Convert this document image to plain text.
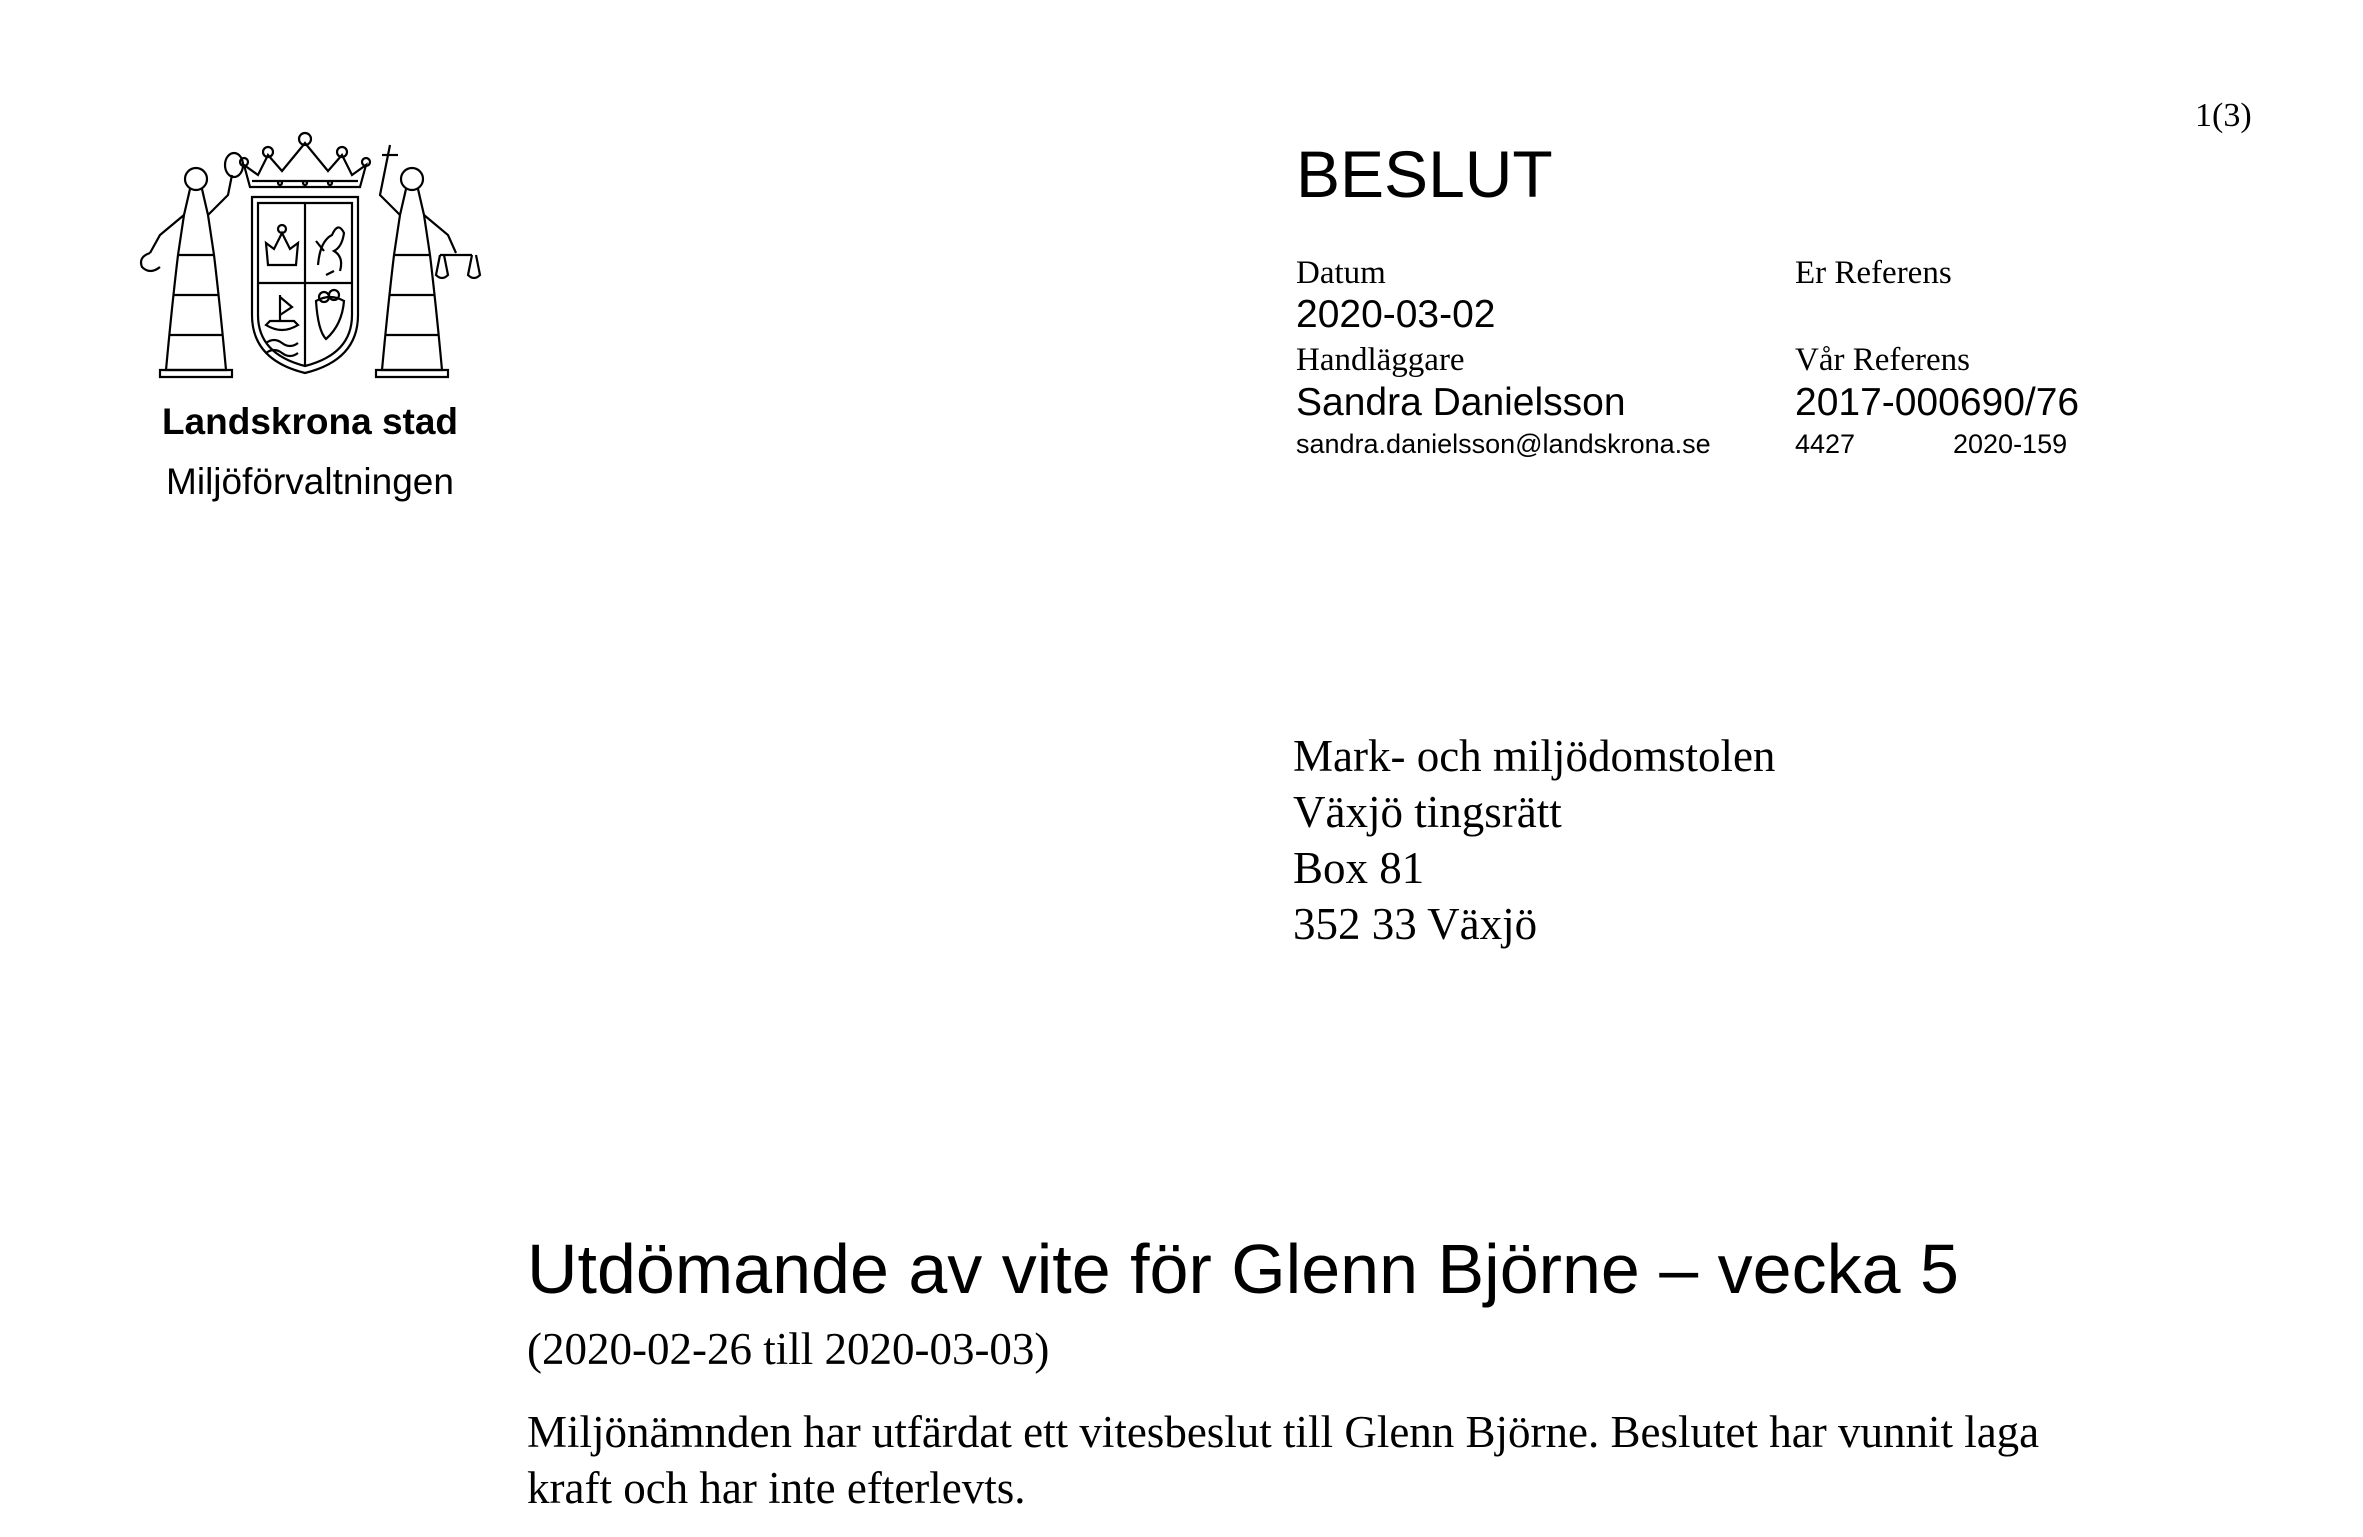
1(3)
Landskrona stad
Miljöförvaltningen
BESLUT
Datum
2020-03-02
Handläggare
Sandra Danielsson
sandra.danielsson@landskrona.se
Er Referens
Vår Referens
2017-000690/76
4427	2020-159
Mark- och miljödomstolen
Växjö tingsrätt
Box 81
352 33 Växjö
Utdömande av vite för Glenn Björne – vecka 5
(2020-02-26 till 2020-03-03)
Miljönämnden har utfärdat ett vitesbeslut till Glenn Björne. Beslutet har vunnit laga kraft och har inte efterlevts.
